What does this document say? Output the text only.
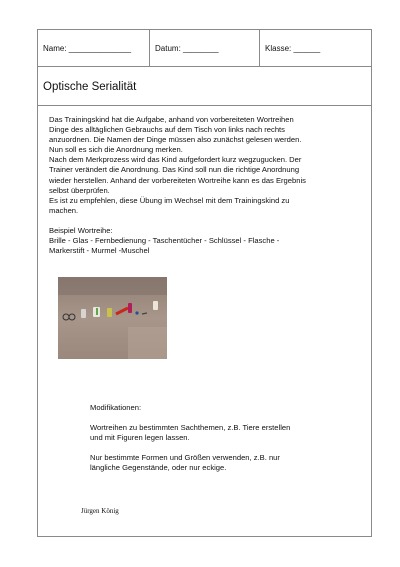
Name: ______________	Datum: ________	Klasse: ______
Optische Serialität

Das Trainingskind hat die Aufgabe, anhand von vorbereiteten Wortreihen

Dinge des alltäglichen Gebrauchs auf dem Tisch von links nach rechts

anzuordnen. Die Namen der Dinge müssen also zunächst gelesen werden.

Nun soll es sich die Anordnung merken.

Nach dem Merkprozess wird das Kind aufgefordert kurz wegzugucken. Der

Trainer verändert die Anordnung. Das Kind soll nun die richtige Anordnung

wieder herstellen. Anhand der vorbereiteten Wortreihe kann es das Ergebnis

selbst überprüfen.

Es ist zu empfehlen, diese Übung im Wechsel mit dem Trainingskind zu

machen.

Beispiel Wortreihe:

Brille - Glas - Fernbedienung - Taschentücher - Schlüssel - Flasche -

Markerstift - Murmel -Muschel

Modifikationen:

Wortreihen zu bestimmten Sachthemen, z.B. Tiere erstellen

und mit Figuren legen lassen.

Nur bestimmte Formen und Größen verwenden, z.B. nur

längliche Gegenstände, oder nur eckige.

Jürgen König
